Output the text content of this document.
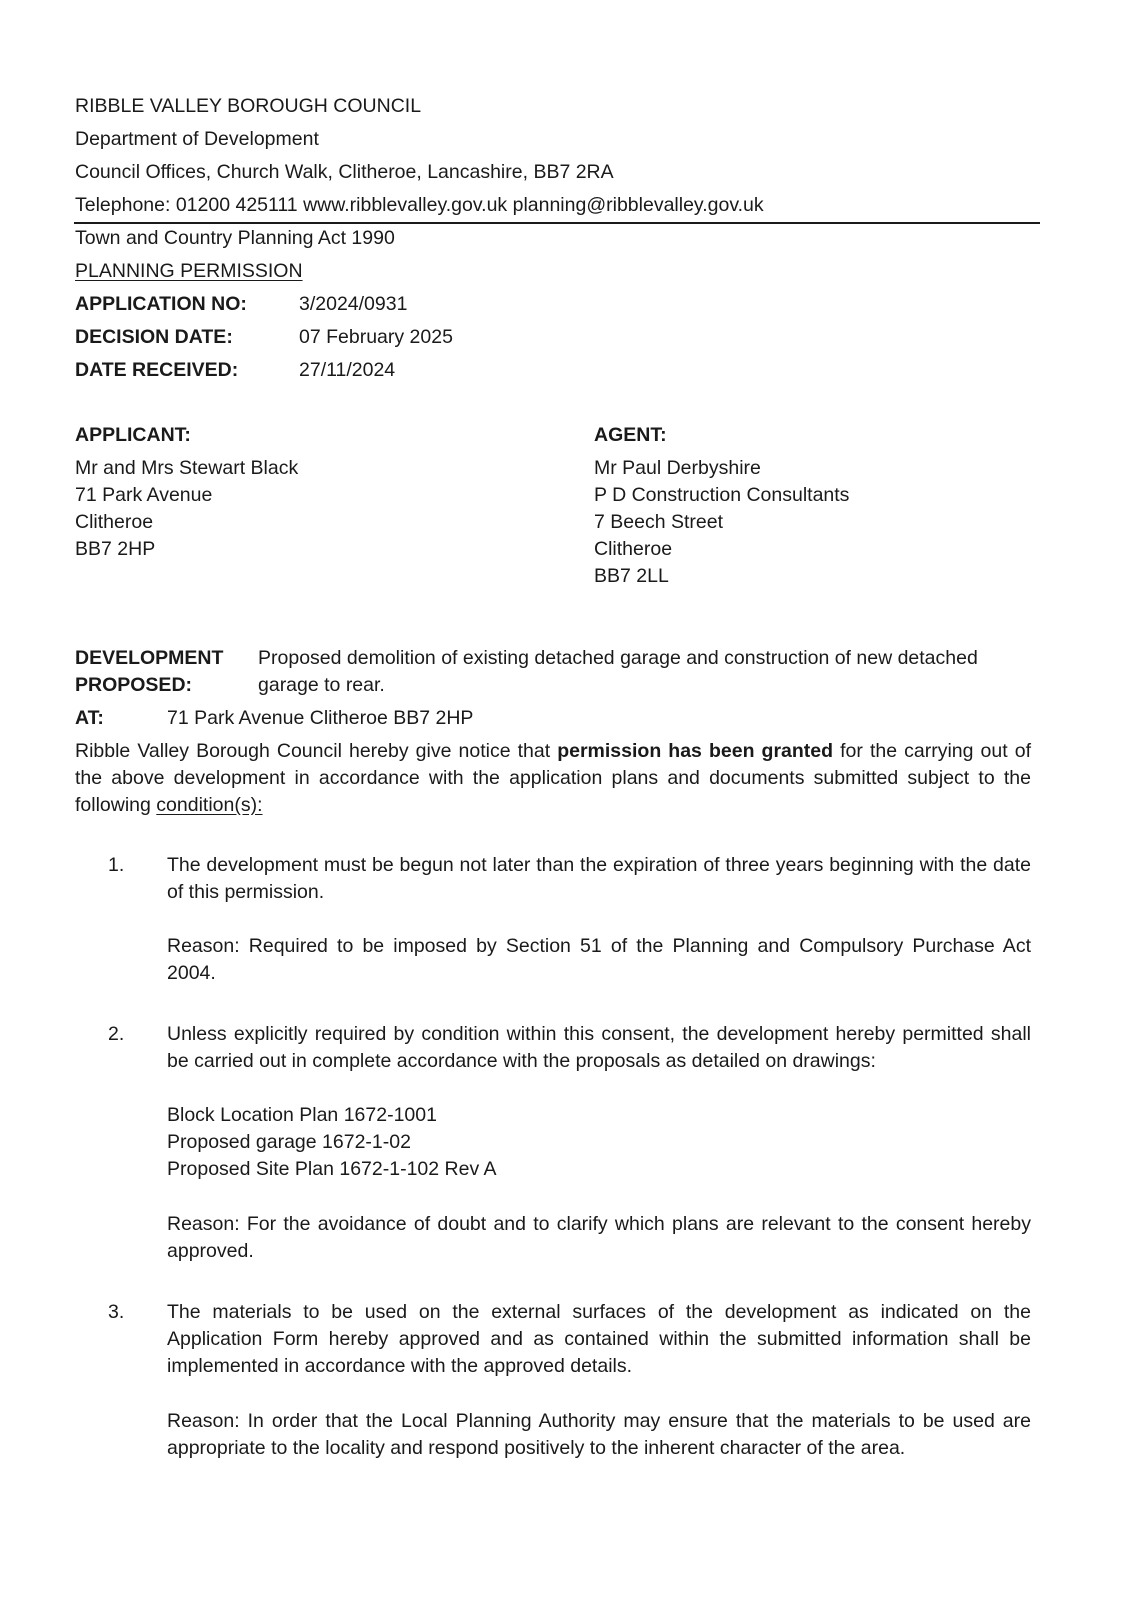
RIBBLE VALLEY BOROUGH COUNCIL
Department of Development
Council Offices, Church Walk, Clitheroe, Lancashire, BB7 2RA
Telephone: 01200 425111 www.ribblevalley.gov.uk planning@ribblevalley.gov.uk
Town and Country Planning Act 1990
PLANNING PERMISSION
APPLICATION NO:	3/2024/0931
DECISION DATE:	07 February 2025
DATE RECEIVED:	27/11/2024
APPLICANT:
Mr and Mrs Stewart Black
71 Park Avenue
Clitheroe
BB7 2HP
AGENT:
Mr Paul Derbyshire
P D Construction Consultants
7 Beech Street
Clitheroe
BB7 2LL
DEVELOPMENT
PROPOSED:
Proposed demolition of existing detached garage and construction of new detached
garage to rear.
AT:	71 Park Avenue Clitheroe BB7 2HP
Ribble Valley Borough Council hereby give notice that permission has been granted for the carrying out of the above development in accordance with the application plans and documents submitted subject to the following condition(s):
1. The development must be begun not later than the expiration of three years beginning with the date of this permission.
Reason: Required to be imposed by Section 51 of the Planning and Compulsory Purchase Act 2004.
2. Unless explicitly required by condition within this consent, the development hereby permitted shall be carried out in complete accordance with the proposals as detailed on drawings:
Block Location Plan 1672-1001
Proposed garage 1672-1-02
Proposed Site Plan 1672-1-102 Rev A
Reason: For the avoidance of doubt and to clarify which plans are relevant to the consent hereby approved.
3. The materials to be used on the external surfaces of the development as indicated on the Application Form hereby approved and as contained within the submitted information shall be implemented in accordance with the approved details.
Reason: In order that the Local Planning Authority may ensure that the materials to be used are appropriate to the locality and respond positively to the inherent character of the area.
